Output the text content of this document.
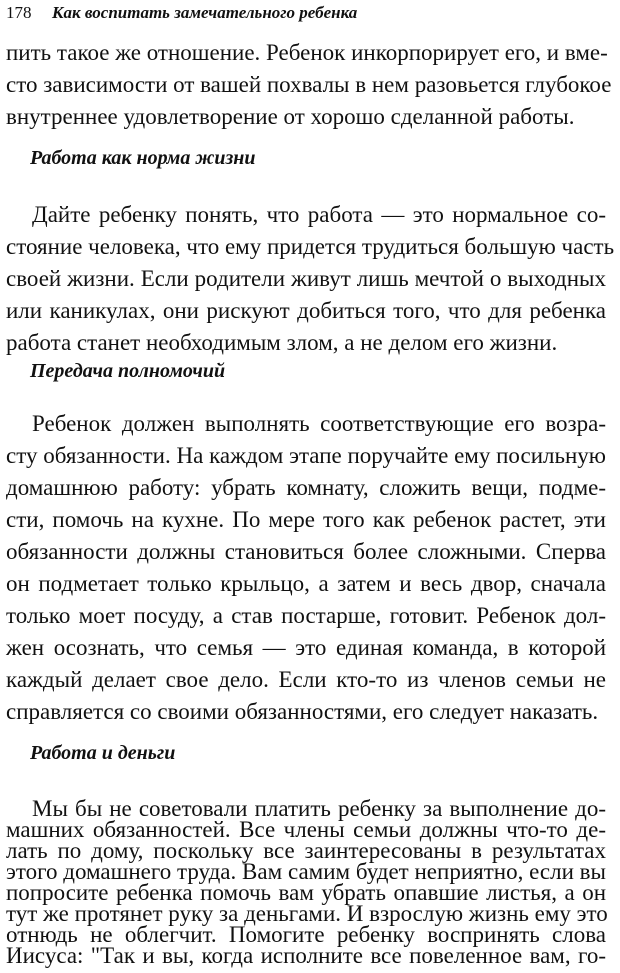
178 Как воспитать замечательного ребенка
пить такое же отношение. Ребенок инкорпорирует его, и вме-
сто зависимости от вашей похвалы в нем разовьется глубокое
внутреннее удовлетворение от хорошо сделанной работы.
Работа как норма жизни
Дайте ребенку понять, что работа — это нормальное со-
стояние человека, что ему придется трудиться большую часть
своей жизни. Если родители живут лишь мечтой о выходных
или каникулах, они рискуют добиться того, что для ребенка
работа станет необходимым злом, а не делом его жизни.
Передача полномочий
Ребенок должен выполнять соответствующие его возра-
сту обязанности. На каждом этапе поручайте ему посильную
домашнюю работу: убрать комнату, сложить вещи, подме-
сти, помочь на кухне. По мере того как ребенок растет, эти
обязанности должны становиться более сложными. Сперва
он подметает только крыльцо, а затем и весь двор, сначала
только моет посуду, а став постарше, готовит. Ребенок дол-
жен осознать, что семья — это единая команда, в которой
каждый делает свое дело. Если кто-то из членов семьи не
справляется со своими обязанностями, его следует наказать.
Работа и деньги
Мы бы не советовали платить ребенку за выполнение до-
машних обязанностей. Все члены семьи должны что-то де-
лать по дому, поскольку все заинтересованы в результатах
этого домашнего труда. Вам самим будет неприятно, если вы
попросите ребенка помочь вам убрать опавшие листья, а он
тут же протянет руку за деньгами. И взрослую жизнь ему это
отнюдь не облегчит. Помогите ребенку воспринять слова
Иисуса: "Так и вы, когда исполните все повеленное вам, го-
